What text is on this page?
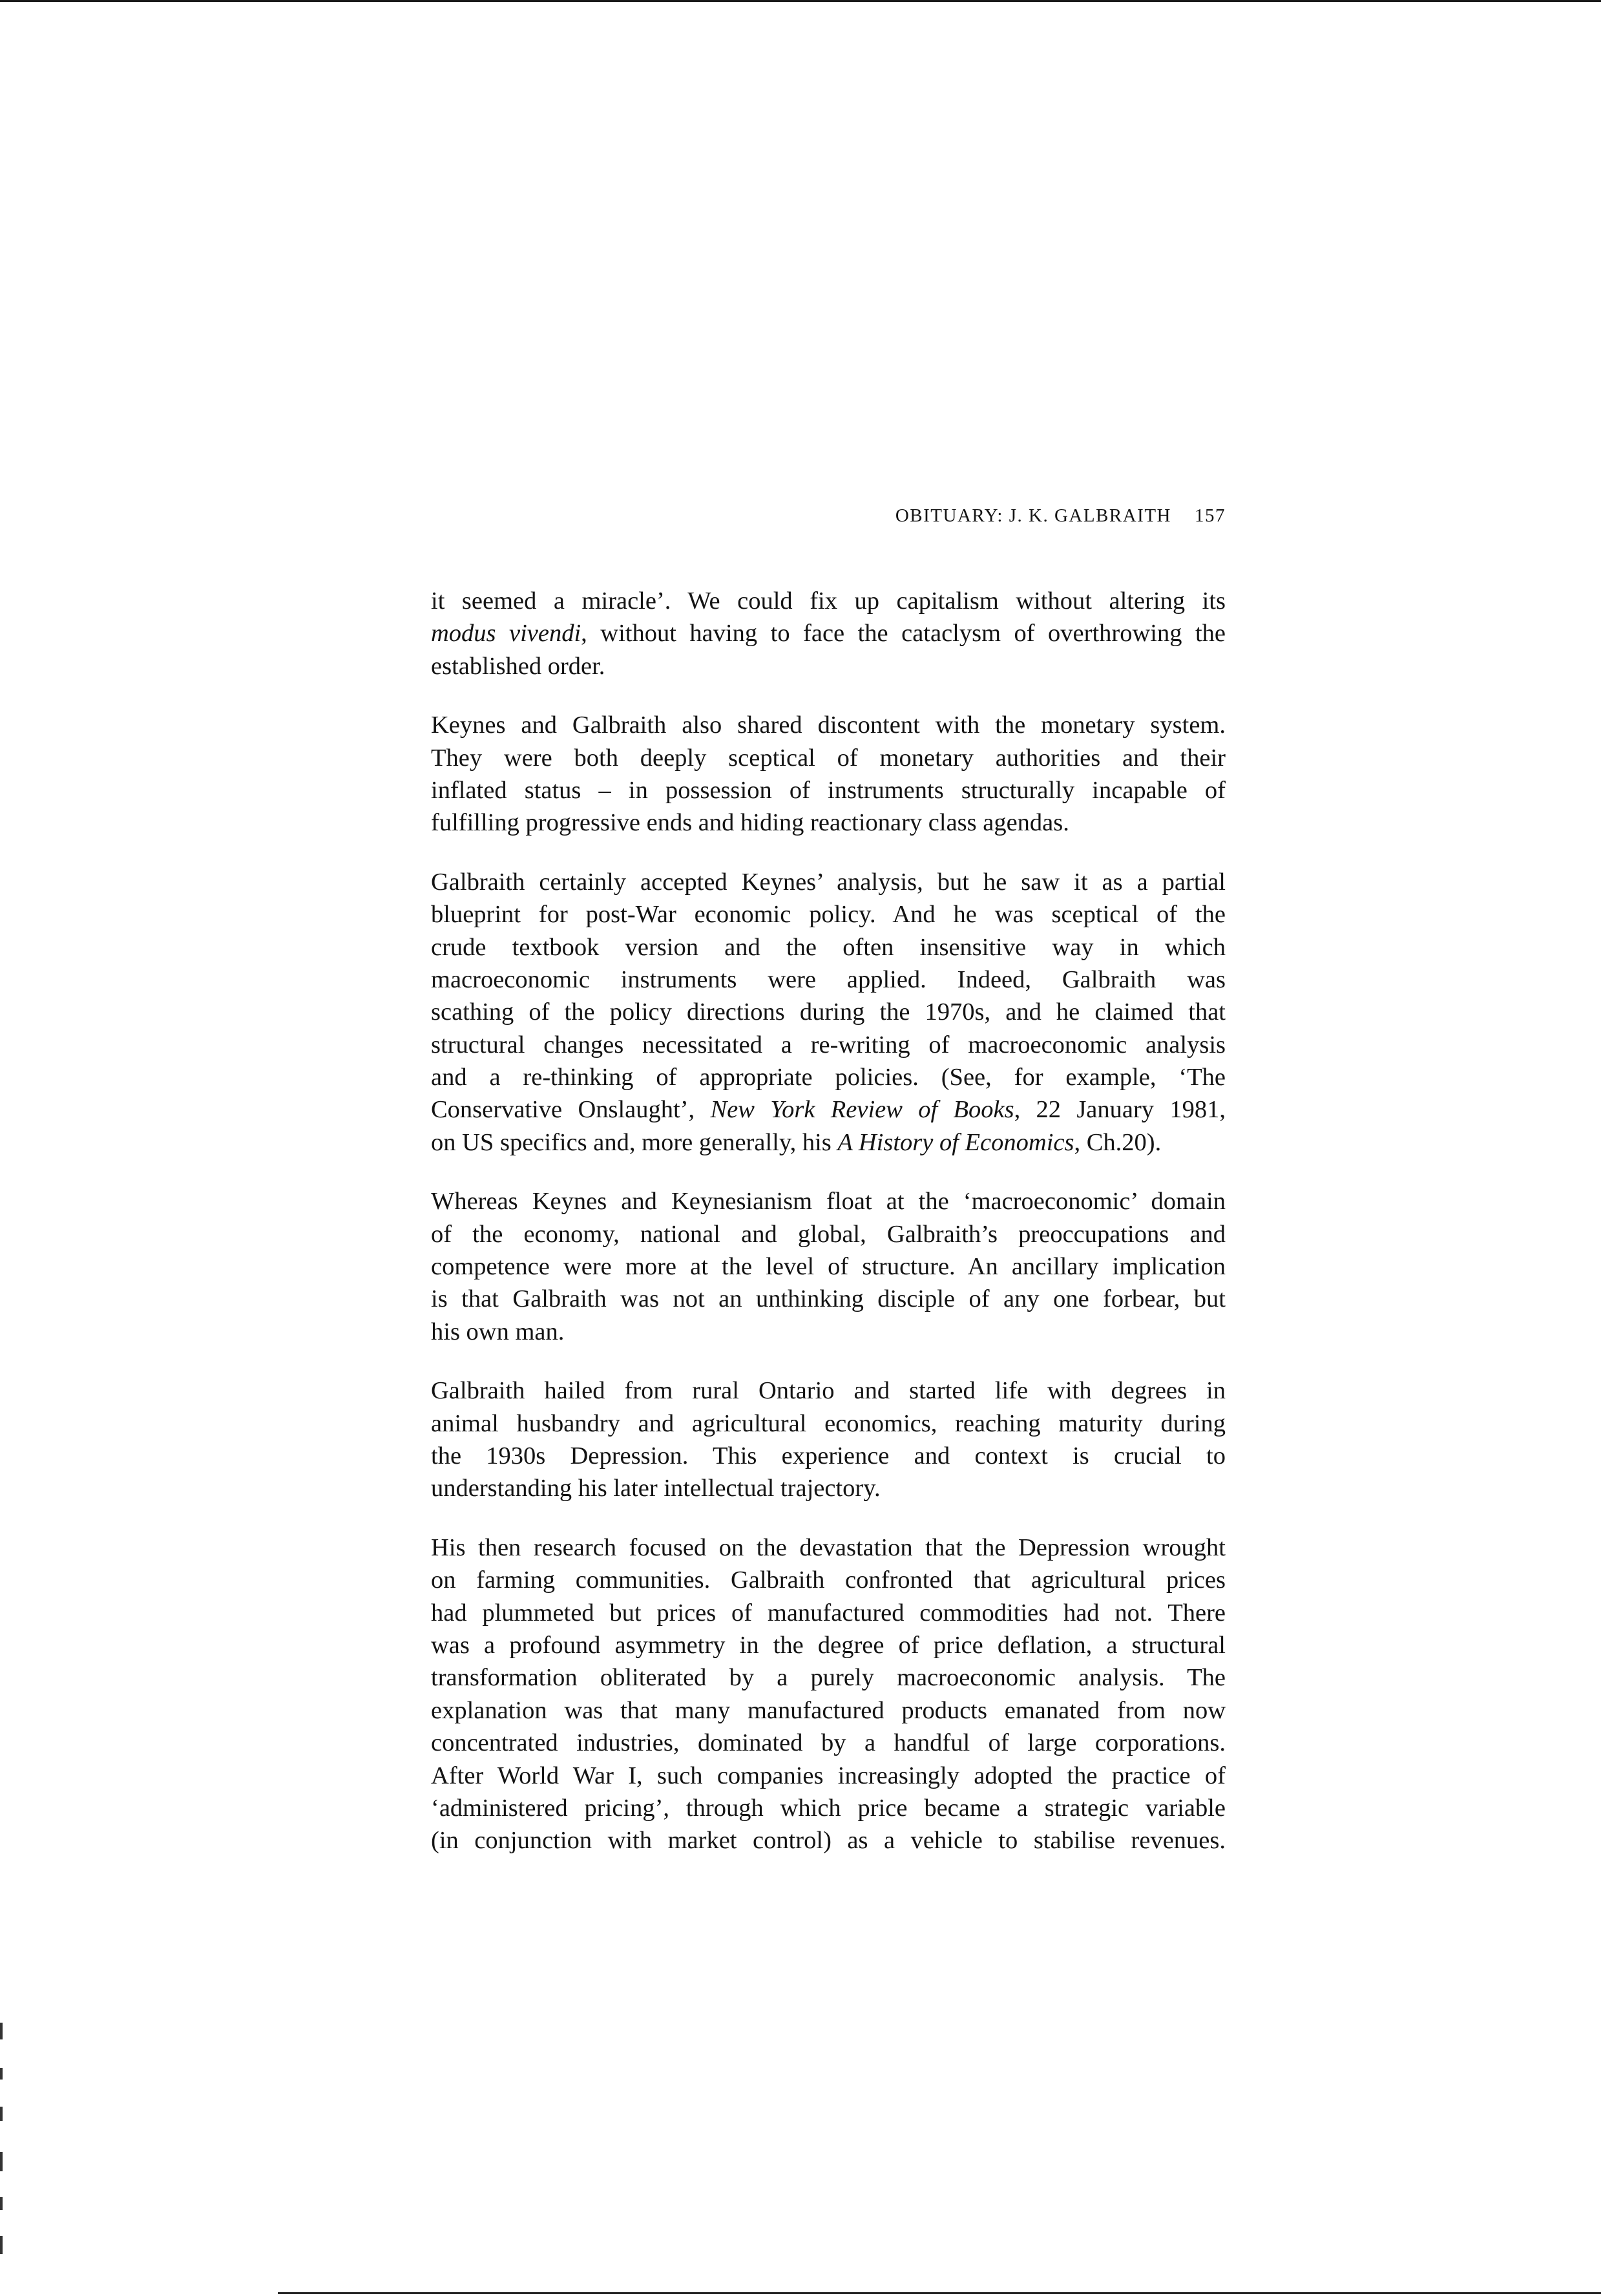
OBITUARY: J. K. GALBRAITH 157
it seemed a miracle’. We could fix up capitalism without altering its
modus vivendi, without having to face the cataclysm of overthrowing the
established order.
Keynes and Galbraith also shared discontent with the monetary system.
They were both deeply sceptical of monetary authorities and their
inflated status – in possession of instruments structurally incapable of
fulfilling progressive ends and hiding reactionary class agendas.
Galbraith certainly accepted Keynes’ analysis, but he saw it as a partial
blueprint for post-War economic policy. And he was sceptical of the
crude textbook version and the often insensitive way in which
macroeconomic instruments were applied. Indeed, Galbraith was
scathing of the policy directions during the 1970s, and he claimed that
structural changes necessitated a re-writing of macroeconomic analysis
and a re-thinking of appropriate policies. (See, for example, ‘The
Conservative Onslaught’, New York Review of Books, 22 January 1981,
on US specifics and, more generally, his A History of Economics, Ch.20).
Whereas Keynes and Keynesianism float at the ‘macroeconomic’ domain
of the economy, national and global, Galbraith’s preoccupations and
competence were more at the level of structure. An ancillary implication
is that Galbraith was not an unthinking disciple of any one forbear, but
his own man.
Galbraith hailed from rural Ontario and started life with degrees in
animal husbandry and agricultural economics, reaching maturity during
the 1930s Depression. This experience and context is crucial to
understanding his later intellectual trajectory.
His then research focused on the devastation that the Depression wrought
on farming communities. Galbraith confronted that agricultural prices
had plummeted but prices of manufactured commodities had not. There
was a profound asymmetry in the degree of price deflation, a structural
transformation obliterated by a purely macroeconomic analysis. The
explanation was that many manufactured products emanated from now
concentrated industries, dominated by a handful of large corporations.
After World War I, such companies increasingly adopted the practice of
‘administered pricing’, through which price became a strategic variable
(in conjunction with market control) as a vehicle to stabilise revenues.
